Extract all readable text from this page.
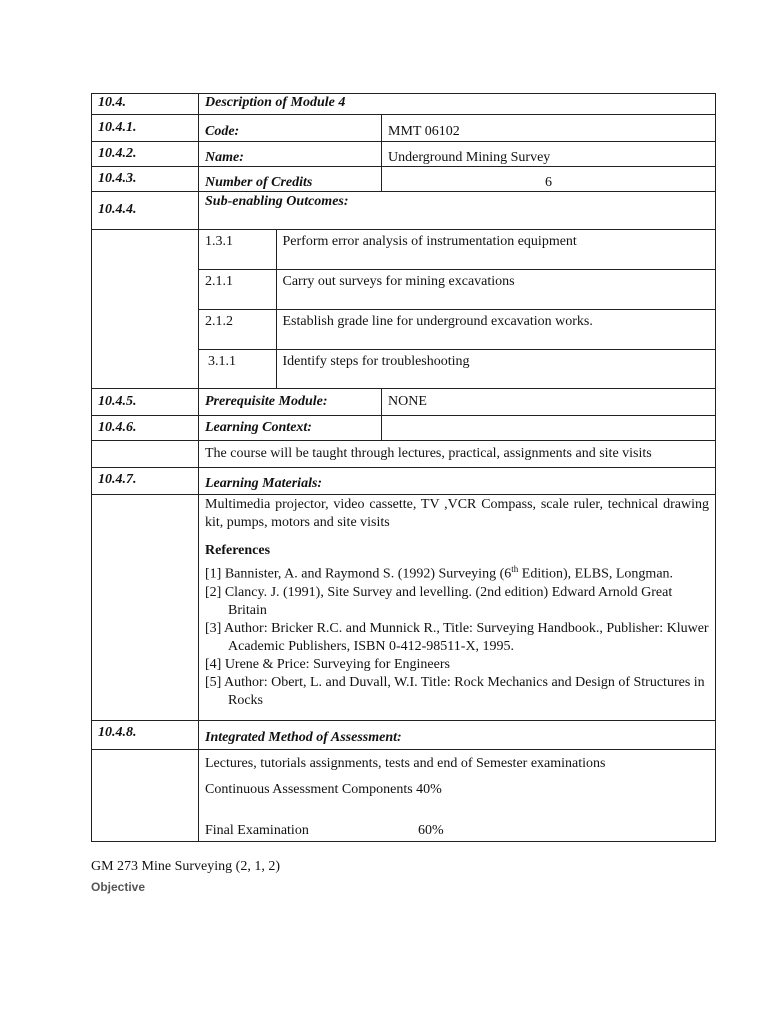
10.4.	Description of Module 4
10.4.1.	Code:	MMT 06102
10.4.2.	Name:	Underground Mining Survey
10.4.3.	Number of Credits	6
10.4.4.	Sub-enabling Outcomes:

1.3.1	Perform error analysis of instrumentation equipment
2.1.1	Carry out surveys for mining excavations
2.1.2	Establish grade line for underground excavation works.
3.1.1	Identify steps for troubleshooting

10.4.5.	Prerequisite Module:	NONE
10.4.6.	Learning Context:	
	The course will be taught through lectures, practical, assignments and site visits
10.4.7.	Learning Materials:

Multimedia projector, video cassette, TV ,VCR Compass, scale ruler, technical drawing kit, pumps, motors and site visits
References
[1] Bannister, A. and Raymond S. (1992) Surveying (6th Edition), ELBS, Longman.
[2] Clancy. J. (1991), Site Survey and levelling. (2nd edition) Edward Arnold Great Britain
[3] Author: Bricker R.C. and Munnick R., Title: Surveying Handbook., Publisher: Kluwer Academic Publishers, ISBN 0-412-98511-X, 1995.
[4] Urene & Price: Surveying for Engineers
[5] Author: Obert, L. and Duvall, W.I. Title: Rock Mechanics and Design of Structures in Rocks

10.4.8.	Integrated Method of Assessment:

Lectures, tutorials assignments, tests and end of Semester examinations
Continuous Assessment Components 40%
Final Examination	60%
GM 273 Mine Surveying (2, 1, 2)
Objective
